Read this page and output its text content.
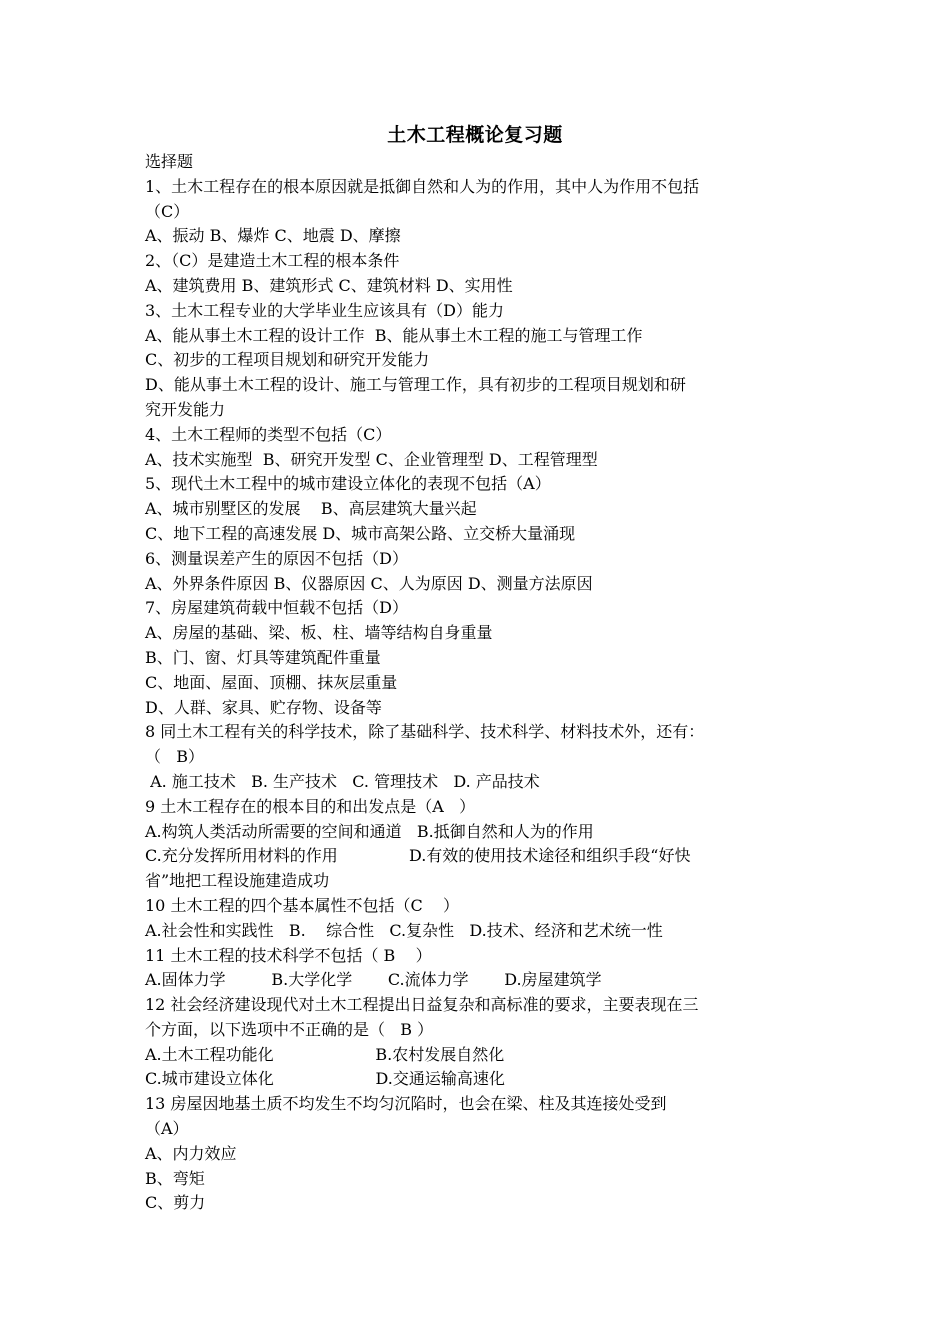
土木工程概论复习题
选择题
1、土木工程存在的根本原因就是抵御自然和人为的作用，其中人为作用不包括
（C）
A、振动 B、爆炸 C、地震 D、摩擦
2、（C）是建造土木工程的根本条件
A、建筑费用 B、建筑形式 C、建筑材料 D、实用性
3、土木工程专业的大学毕业生应该具有（D）能力
A、能从事土木工程的设计工作  B、能从事土木工程的施工与管理工作
C、初步的工程项目规划和研究开发能力
D、能从事土木工程的设计、施工与管理工作，具有初步的工程项目规划和研
究开发能力
4、土木工程师的类型不包括（C）
A、技术实施型  B、研究开发型 C、企业管理型 D、工程管理型
5、现代土木工程中的城市建设立体化的表现不包括（A）
A、城市别墅区的发展    B、高层建筑大量兴起
C、地下工程的高速发展 D、城市高架公路、立交桥大量涌现
6、测量误差产生的原因不包括（D）
A、外界条件原因 B、仪器原因 C、人为原因 D、测量方法原因
7、房屋建筑荷载中恒载不包括（D）
A、房屋的基础、梁、板、柱、墙等结构自身重量
B、门、窗、灯具等建筑配件重量
C、地面、屋面、顶棚、抹灰层重量
D、人群、家具、贮存物、设备等
8 同土木工程有关的科学技术，除了基础科学、技术科学、材料技术外，还有：
（   B）
A. 施工技术   B. 生产技术   C. 管理技术   D. 产品技术
9 土木工程存在的根本目的和出发点是（A   ）
A.构筑人类活动所需要的空间和通道   B.抵御自然和人为的作用
C.充分发挥所用材料的作用              D.有效的使用技术途径和组织手段“好快
省”地把工程设施建造成功
10 土木工程的四个基本属性不包括（C    ）
A.社会性和实践性   B.    综合性   C.复杂性   D.技术、经济和艺术统一性
11 土木工程的技术科学不包括（ B    ）
A.固体力学         B.大学化学       C.流体力学       D.房屋建筑学
12 社会经济建设现代对土木工程提出日益复杂和高标准的要求，主要表现在三
个方面，以下选项中不正确的是（   B ）
A.土木工程功能化                    B.农村发展自然化
C.城市建设立体化                    D.交通运输高速化
13 房屋因地基土质不均发生不均匀沉陷时，也会在梁、柱及其连接处受到
（A）
A、内力效应
B、弯矩
C、剪力
